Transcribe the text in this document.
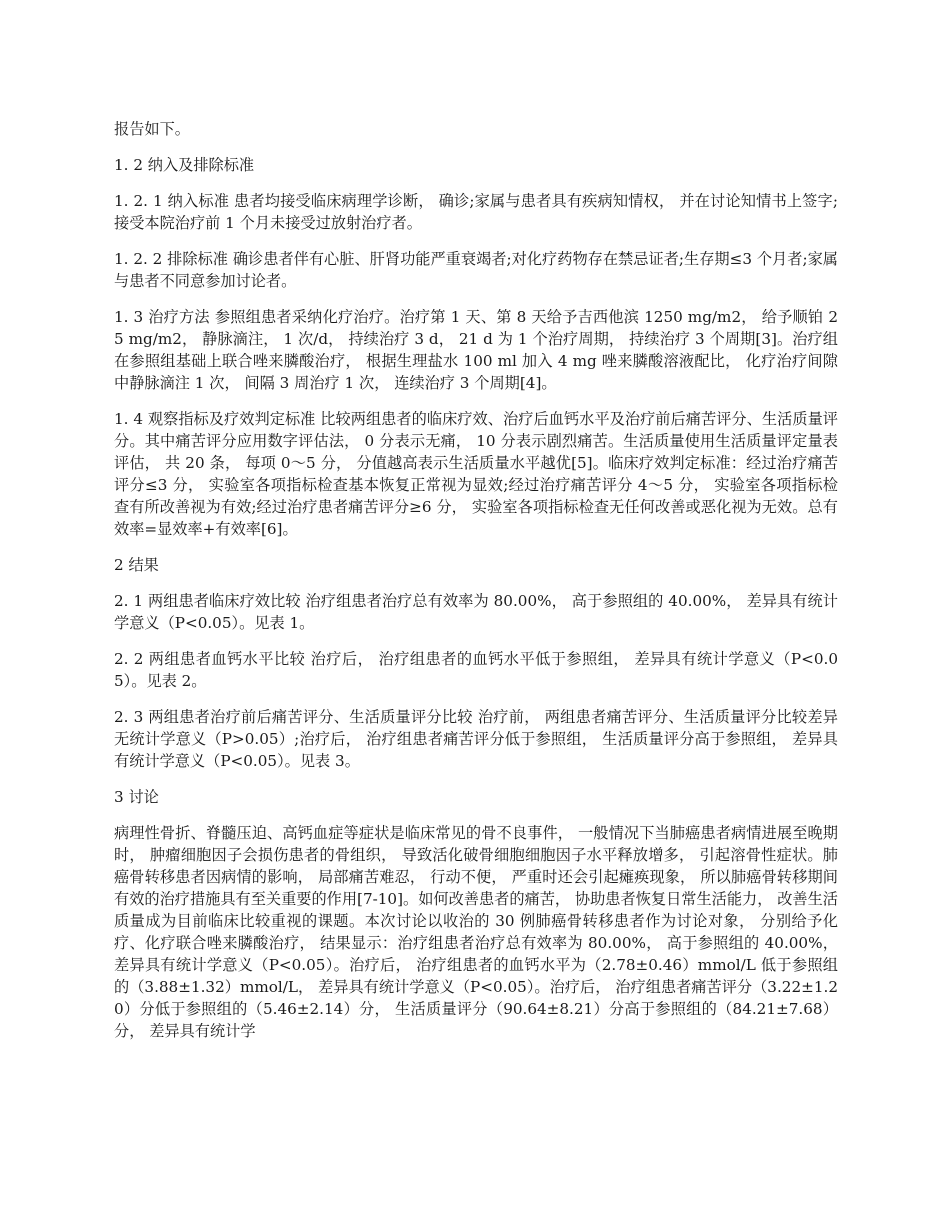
报告如下。

1. 2 纳入及排除标准

1. 2. 1 纳入标准 患者均接受临床病理学诊断， 确诊;家属与患者具有疾病知情权， 并在讨论知情书上签字;接受本院治疗前 1 个月未接受过放射治疗者。

1. 2. 2 排除标准 确诊患者伴有心脏、肝肾功能严重衰竭者;对化疗药物存在禁忌证者;生存期≤3 个月者;家属与患者不同意参加讨论者。

1. 3 治疗方法 参照组患者采纳化疗治疗。治疗第 1 天、第 8 天给予吉西他滨 1250 mg/m2， 给予顺铂 25 mg/m2， 静脉滴注， 1 次/d， 持续治疗 3 d， 21 d 为 1 个治疗周期， 持续治疗 3 个周期[3]。治疗组在参照组基础上联合唑来膦酸治疗， 根据生理盐水 100 ml 加入 4 mg 唑来膦酸溶液配比， 化疗治疗间隙中静脉滴注 1 次， 间隔 3 周治疗 1 次， 连续治疗 3 个周期[4]。

1. 4 观察指标及疗效判定标准 比较两组患者的临床疗效、治疗后血钙水平及治疗前后痛苦评分、生活质量评分。其中痛苦评分应用数字评估法， 0 分表示无痛， 10 分表示剧烈痛苦。生活质量使用生活质量评定量表评估， 共 20 条， 每项 0～5 分， 分值越高表示生活质量水平越优[5]。临床疗效判定标准：经过治疗痛苦评分≤3 分， 实验室各项指标检查基本恢复正常视为显效;经过治疗痛苦评分 4～5 分， 实验室各项指标检查有所改善视为有效;经过治疗患者痛苦评分≥6 分， 实验室各项指标检查无任何改善或恶化视为无效。总有效率=显效率+有效率[6]。

2 结果

2. 1 两组患者临床疗效比较 治疗组患者治疗总有效率为 80.00%， 高于参照组的 40.00%， 差异具有统计学意义（P<0.05）。见表 1。

2. 2 两组患者血钙水平比较 治疗后， 治疗组患者的血钙水平低于参照组， 差异具有统计学意义（P<0.05）。见表 2。

2. 3 两组患者治疗前后痛苦评分、生活质量评分比较 治疗前， 两组患者痛苦评分、生活质量评分比较差异无统计学意义（P>0.05）;治疗后， 治疗组患者痛苦评分低于参照组， 生活质量评分高于参照组， 差异具有统计学意义（P<0.05）。见表 3。

3 讨论

病理性骨折、脊髓压迫、高钙血症等症状是临床常见的骨不良事件， 一般情况下当肺癌患者病情进展至晚期时， 肿瘤细胞因子会损伤患者的骨组织， 导致活化破骨细胞细胞因子水平释放增多， 引起溶骨性症状。肺癌骨转移患者因病情的影响， 局部痛苦难忍， 行动不便， 严重时还会引起瘫痪现象， 所以肺癌骨转移期间有效的治疗措施具有至关重要的作用[7-10]。如何改善患者的痛苦， 协助患者恢复日常生活能力， 改善生活质量成为目前临床比较重视的课题。本次讨论以收治的 30 例肺癌骨转移患者作为讨论对象， 分别给予化疗、化疗联合唑来膦酸治疗， 结果显示：治疗组患者治疗总有效率为 80.00%， 高于参照组的 40.00%， 差异具有统计学意义（P<0.05）。治疗后， 治疗组患者的血钙水平为（2.78±0.46）mmol/L 低于参照组的（3.88±1.32）mmol/L， 差异具有统计学意义（P<0.05）。治疗后， 治疗组患者痛苦评分（3.22±1.20）分低于参照组的（5.46±2.14）分， 生活质量评分（90.64±8.21）分高于参照组的（84.21±7.68）分， 差异具有统计学
